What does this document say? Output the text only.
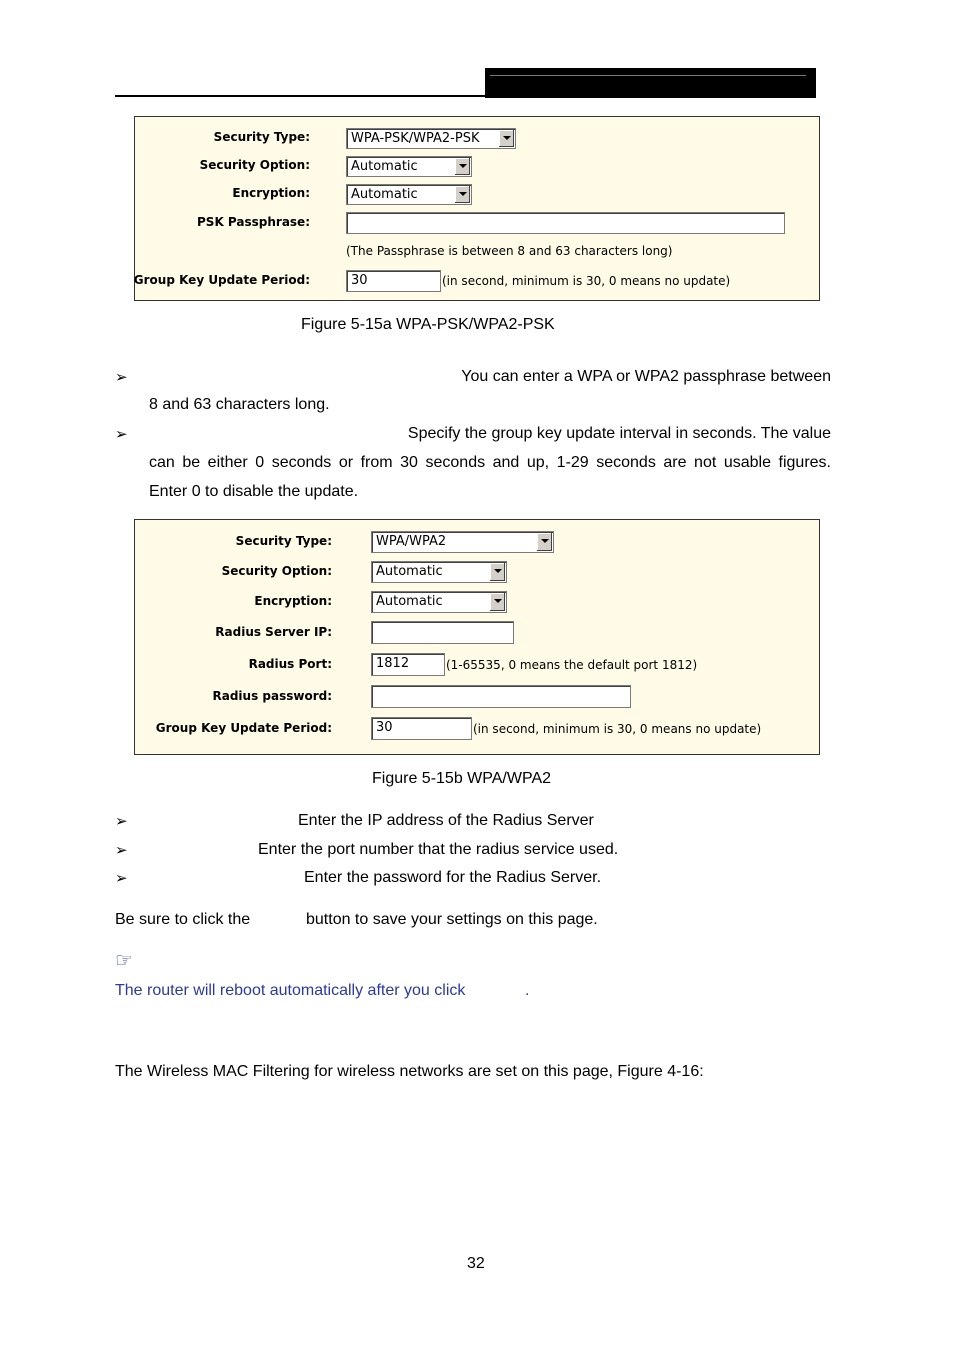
Security Type:	WPA-PSK/WPA2-PSK
Security Option:	Automatic
Encryption:	Automatic
PSK Passphrase:
(The Passphrase is between 8 and 63 characters long)
Group Key Update Period:	30	(in second, minimum is 30, 0 means no update)
Figure 5-15a WPA-PSK/WPA2-PSK
➢	You can enter a WPA or WPA2 passphrase between
8 and 63 characters long.
➢	Specify the group key update interval in seconds. The value
can be either 0 seconds or from 30 seconds and up, 1-29 seconds are not usable figures.
Enter 0 to disable the update.
Security Type:	WPA/WPA2
Security Option:	Automatic
Encryption:	Automatic
Radius Server IP:
Radius Port:	1812	(1-65535, 0 means the default port 1812)
Radius password:
Group Key Update Period:	30	(in second, minimum is 30, 0 means no update)
Figure 5-15b WPA/WPA2
➢	Enter the IP address of the Radius Server
➢	Enter the port number that the radius service used.
➢	Enter the password for the Radius Server.
Be sure to click the	button to save your settings on this page.
☞
The router will reboot automatically after you click	.
The Wireless MAC Filtering for wireless networks are set on this page, Figure 4-16:
32
